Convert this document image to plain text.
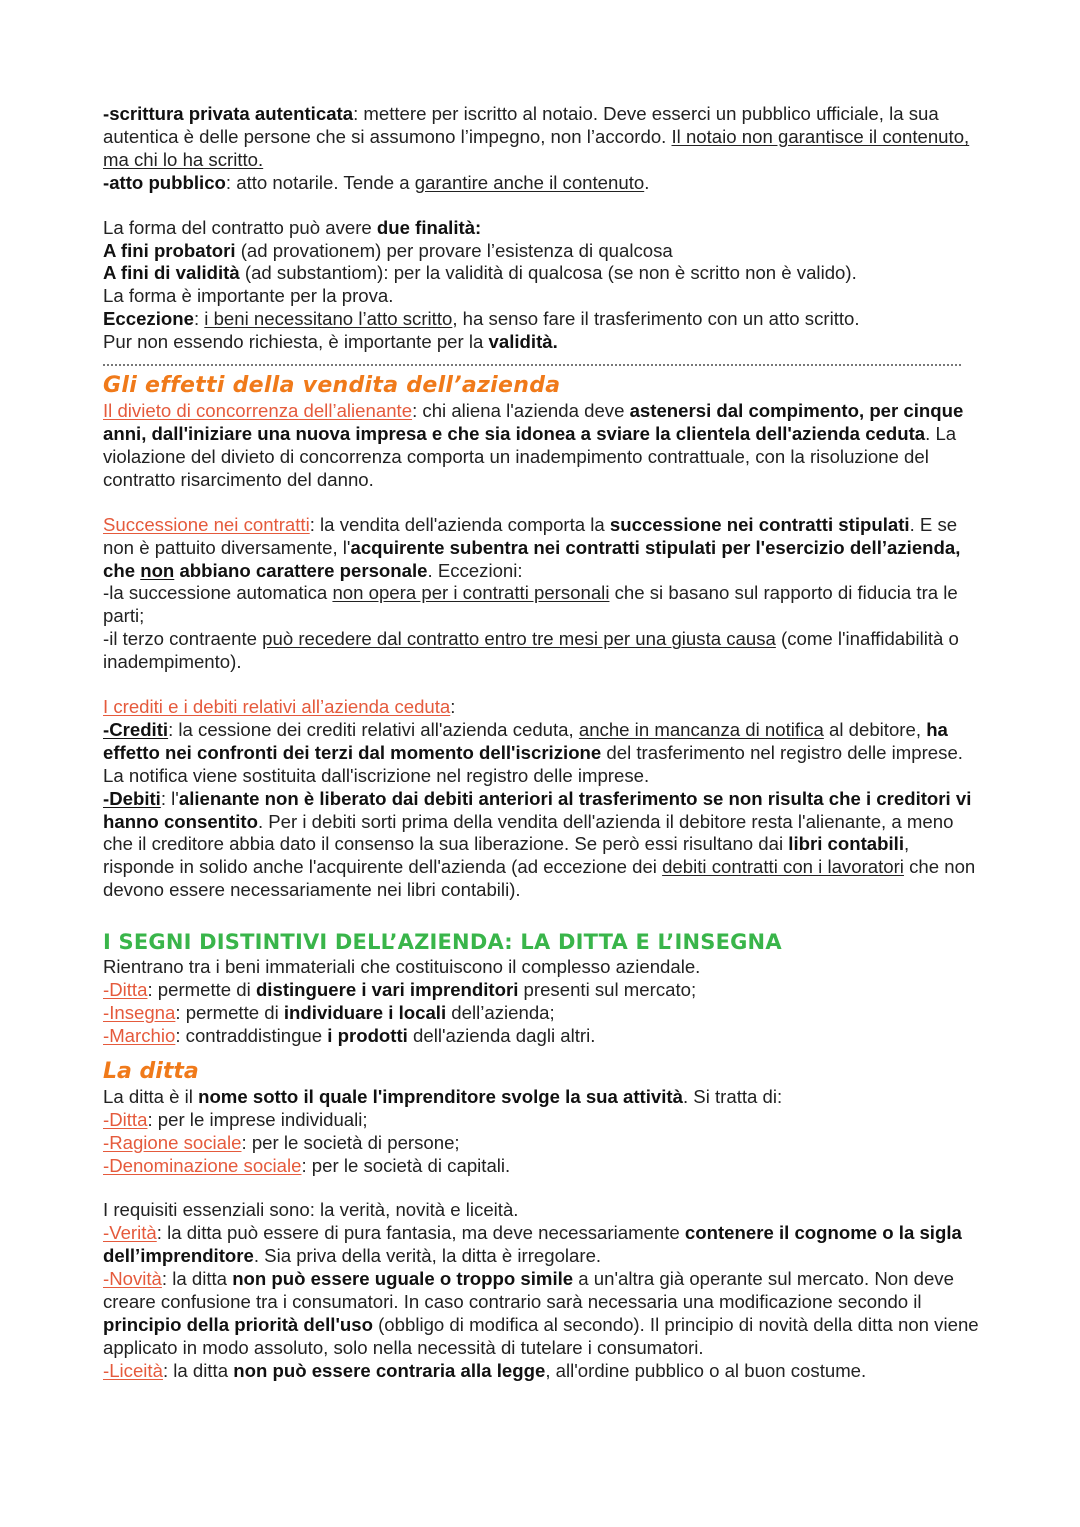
-scrittura privata autenticata: mettere per iscritto al notaio. Deve esserci un pubblico ufficiale, la sua autentica è delle persone che si assumono l’impegno, non l’accordo. Il notaio non garantisce il contenuto, ma chi lo ha scritto.

-atto pubblico: atto notarile. Tende a garantire anche il contenuto.

La forma del contratto può avere due finalità:

A fini probatori (ad provationem) per provare l’esistenza di qualcosa

A fini di validità (ad substantiom): per la validità di qualcosa (se non è scritto non è valido).

La forma è importante per la prova.

Eccezione: i beni necessitano l’atto scritto, ha senso fare il trasferimento con un atto scritto.

Pur non essendo richiesta, è importante per la validità.

Gli effetti della vendita dell’azienda

Il divieto di concorrenza dell’alienante: chi aliena l'azienda deve astenersi dal compimento, per cinque anni, dall'iniziare una nuova impresa e che sia idonea a sviare la clientela dell'azienda ceduta. La violazione del divieto di concorrenza comporta un inadempimento contrattuale, con la risoluzione del contratto risarcimento del danno.

Successione nei contratti: la vendita dell'azienda comporta la successione nei contratti stipulati. E se non è pattuito diversamente, l'acquirente subentra nei contratti stipulati per l'esercizio dell’azienda, che non abbiano carattere personale. Eccezioni:

-la successione automatica non opera per i contratti personali che si basano sul rapporto di fiducia tra le parti;

-il terzo contraente può recedere dal contratto entro tre mesi per una giusta causa (come l'inaffidabilità o inadempimento).

I crediti e i debiti relativi all’azienda ceduta:

-Crediti: la cessione dei crediti relativi all'azienda ceduta, anche in mancanza di notifica al debitore, ha effetto nei confronti dei terzi dal momento dell'iscrizione del trasferimento nel registro delle imprese. La notifica viene sostituita dall'iscrizione nel registro delle imprese.

-Debiti: l'alienante non è liberato dai debiti anteriori al trasferimento se non risulta che i creditori vi hanno consentito. Per i debiti sorti prima della vendita dell'azienda il debitore resta l'alienante, a meno che il creditore abbia dato il consenso la sua liberazione. Se però essi risultano dai libri contabili, risponde in solido anche l'acquirente dell'azienda (ad eccezione dei debiti contratti con i lavoratori che non devono essere necessariamente nei libri contabili).

I SEGNI DISTINTIVI DELL’AZIENDA: LA DITTA E L’INSEGNA

Rientrano tra i beni immateriali che costituiscono il complesso aziendale.

-Ditta: permette di distinguere i vari imprenditori presenti sul mercato;

-Insegna: permette di individuare i locali dell’azienda;

-Marchio: contraddistingue i prodotti dell'azienda dagli altri.

La ditta

La ditta è il nome sotto il quale l'imprenditore svolge la sua attività. Si tratta di:

-Ditta: per le imprese individuali;

-Ragione sociale: per le società di persone;

-Denominazione sociale: per le società di capitali.

I requisiti essenziali sono: la verità, novità e liceità.

-Verità: la ditta può essere di pura fantasia, ma deve necessariamente contenere il cognome o la sigla dell’imprenditore. Sia priva della verità, la ditta è irregolare.

-Novità: la ditta non può essere uguale o troppo simile a un'altra già operante sul mercato. Non deve creare confusione tra i consumatori. In caso contrario sarà necessaria una modificazione secondo il principio della priorità dell'uso (obbligo di modifica al secondo). Il principio di novità della ditta non viene applicato in modo assoluto, solo nella necessità di tutelare i consumatori.

-Liceità: la ditta non può essere contraria alla legge, all'ordine pubblico o al buon costume.
